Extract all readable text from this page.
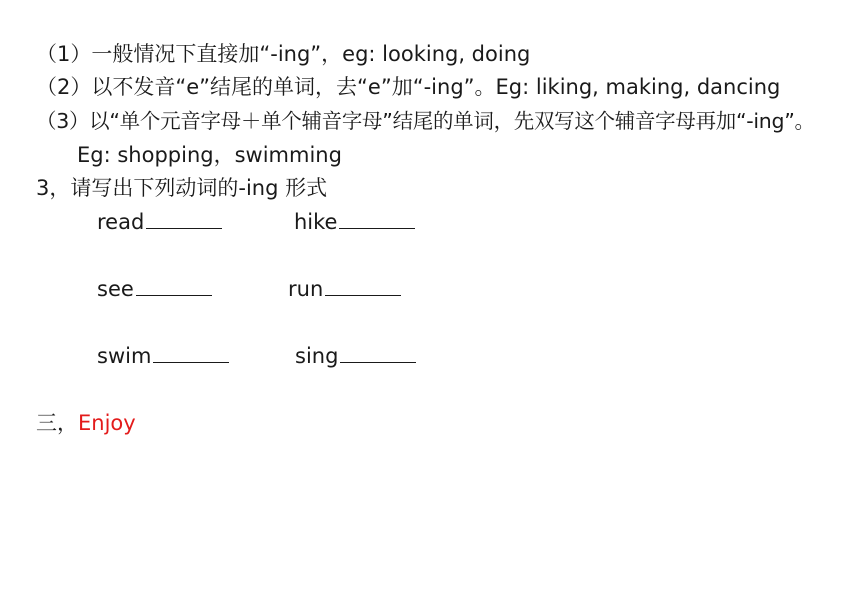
（1）一般情况下直接加“-ing”，eg: looking, doing
（2）以不发音“e”结尾的单词，去“e”加“-ing”。Eg: liking, making, dancing
（3）以“单个元音字母＋单个辅音字母”结尾的单词，先双写这个辅音字母再加“-ing”。
Eg: shopping，swimming
3，请写出下列动词的-ing 形式
read	hike
see	run
swim	sing
三，Enjoy
